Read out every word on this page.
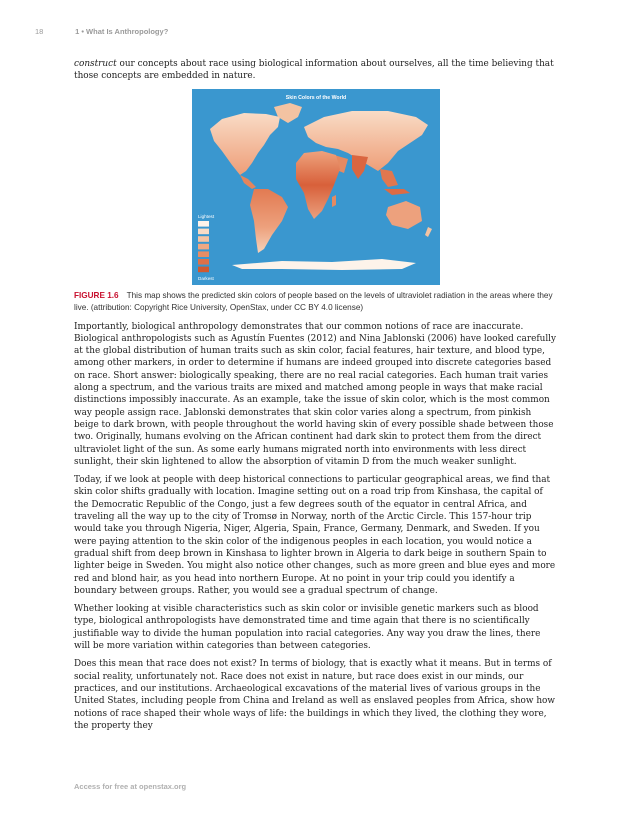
18	1 • What Is Anthropology?

construct our concepts about race using biological information about ourselves, all the time believing that those concepts are embedded in nature.

Skin Colors of the World
Lightest
Darkest

FIGURE 1.6 This map shows the predicted skin colors of people based on the levels of ultraviolet radiation in the areas where they live. (attribution: Copyright Rice University, OpenStax, under CC BY 4.0 license)

Importantly, biological anthropology demonstrates that our common notions of race are inaccurate. Biological anthropologists such as Agustín Fuentes (2012) and Nina Jablonski (2006) have looked carefully at the global distribution of human traits such as skin color, facial features, hair texture, and blood type, among other markers, in order to determine if humans are indeed grouped into discrete categories based on race. Short answer: biologically speaking, there are no real racial categories. Each human trait varies along a spectrum, and the various traits are mixed and matched among people in ways that make racial distinctions impossibly inaccurate. As an example, take the issue of skin color, which is the most common way people assign race. Jablonski demonstrates that skin color varies along a spectrum, from pinkish beige to dark brown, with people throughout the world having skin of every possible shade between those two. Originally, humans evolving on the African continent had dark skin to protect them from the direct ultraviolet light of the sun. As some early humans migrated north into environments with less direct sunlight, their skin lightened to allow the absorption of vitamin D from the much weaker sunlight.

Today, if we look at people with deep historical connections to particular geographical areas, we find that skin color shifts gradually with location. Imagine setting out on a road trip from Kinshasa, the capital of the Democratic Republic of the Congo, just a few degrees south of the equator in central Africa, and traveling all the way up to the city of Tromsø in Norway, north of the Arctic Circle. This 157-hour trip would take you through Nigeria, Niger, Algeria, Spain, France, Germany, Denmark, and Sweden. If you were paying attention to the skin color of the indigenous peoples in each location, you would notice a gradual shift from deep brown in Kinshasa to lighter brown in Algeria to dark beige in southern Spain to lighter beige in Sweden. You might also notice other changes, such as more green and blue eyes and more red and blond hair, as you head into northern Europe. At no point in your trip could you identify a boundary between groups. Rather, you would see a gradual spectrum of change.

Whether looking at visible characteristics such as skin color or invisible genetic markers such as blood type, biological anthropologists have demonstrated time and time again that there is no scientifically justifiable way to divide the human population into racial categories. Any way you draw the lines, there will be more variation within categories than between categories.

Does this mean that race does not exist? In terms of biology, that is exactly what it means. But in terms of social reality, unfortunately not. Race does not exist in nature, but race does exist in our minds, our practices, and our institutions. Archaeological excavations of the material lives of various groups in the United States, including people from China and Ireland as well as enslaved peoples from Africa, show how notions of race shaped their whole ways of life: the buildings in which they lived, the clothing they wore, the property they

Access for free at openstax.org
